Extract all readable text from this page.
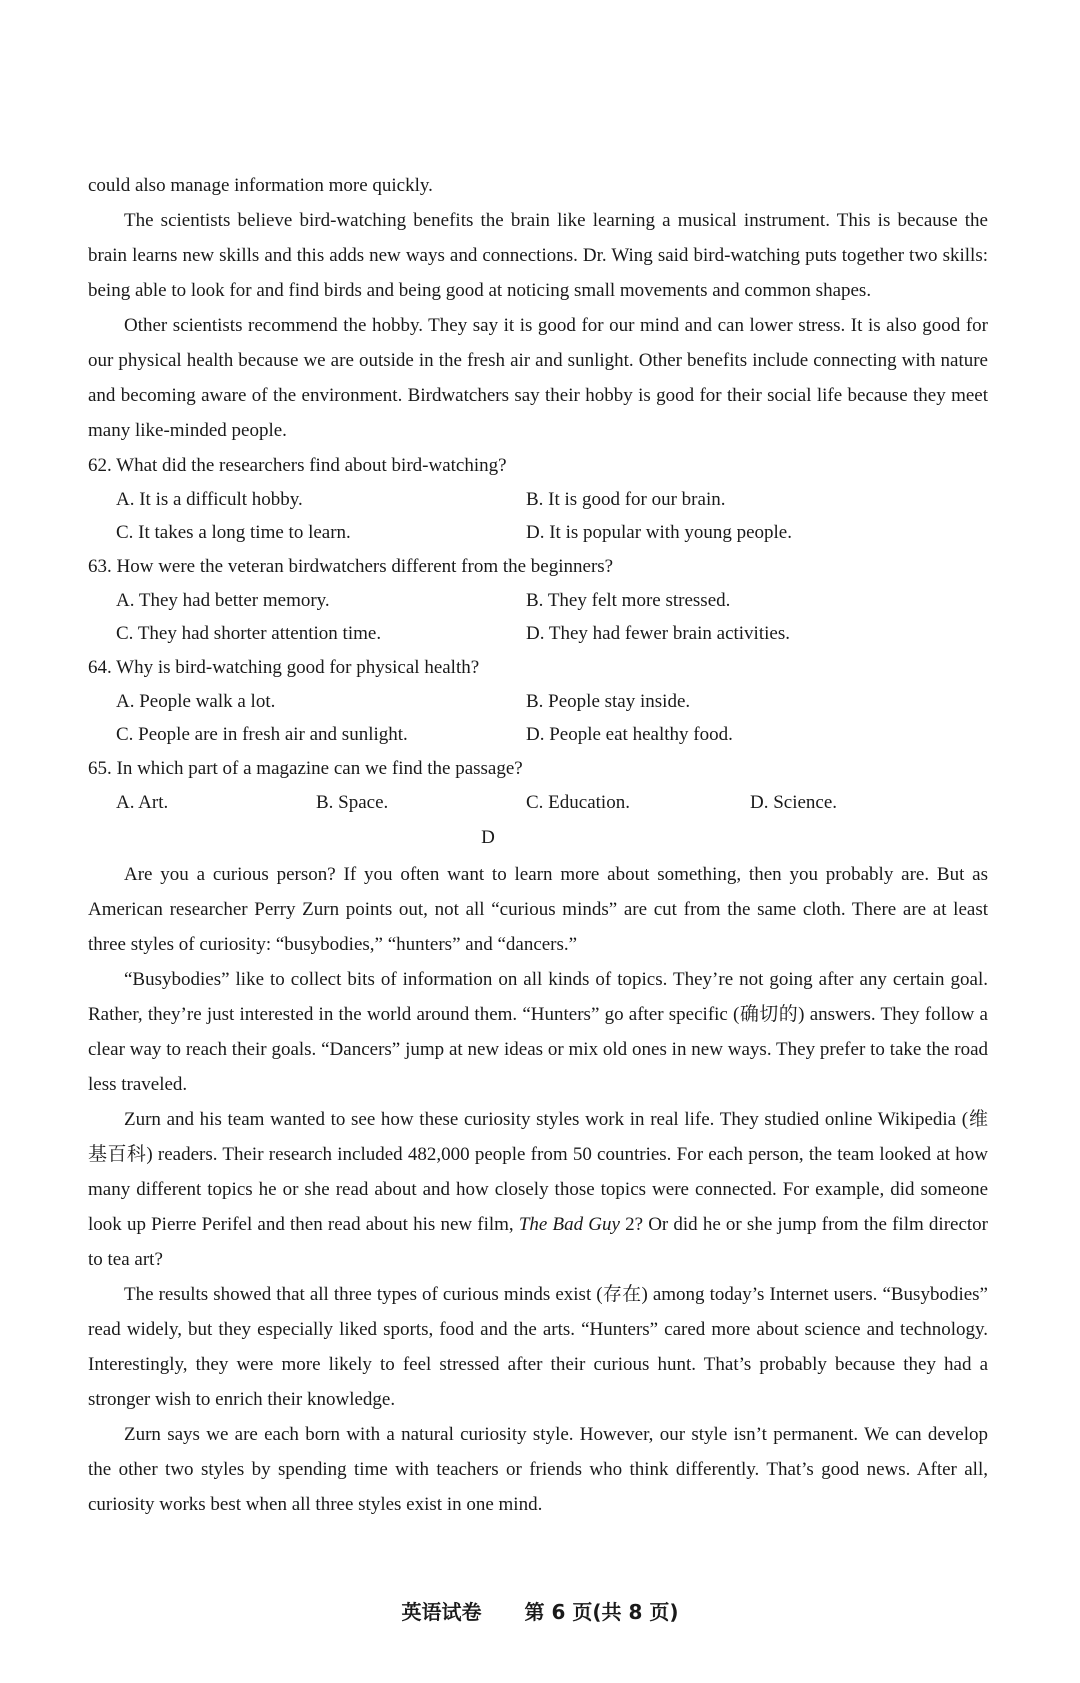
could also manage information more quickly.

The scientists believe bird-watching benefits the brain like learning a musical instrument. This is because the brain learns new skills and this adds new ways and connections. Dr. Wing said bird-watching puts together two skills: being able to look for and find birds and being good at noticing small movements and common shapes.

Other scientists recommend the hobby. They say it is good for our mind and can lower stress. It is also good for our physical health because we are outside in the fresh air and sunlight. Other benefits include connecting with nature and becoming aware of the environment. Birdwatchers say their hobby is good for their social life because they meet many like-minded people.

62. What did the researchers find about bird-watching?

A. It is a difficult hobby.	B. It is good for our brain.
C. It takes a long time to learn.	D. It is popular with young people.

63. How were the veteran birdwatchers different from the beginners?

A. They had better memory.	B. They felt more stressed.
C. They had shorter attention time.	D. They had fewer brain activities.

64. Why is bird-watching good for physical health?

A. People walk a lot.	B. People stay inside.
C. People are in fresh air and sunlight.	D. People eat healthy food.

65. In which part of a magazine can we find the passage?

A. Art.	B. Space.	C. Education.	D. Science.
D

Are you a curious person? If you often want to learn more about something, then you probably are. But as American researcher Perry Zurn points out, not all “curious minds” are cut from the same cloth. There are at least three styles of curiosity: “busybodies,” “hunters” and “dancers.”

“Busybodies” like to collect bits of information on all kinds of topics. They’re not going after any certain goal. Rather, they’re just interested in the world around them. “Hunters” go after specific (确切的) answers. They follow a clear way to reach their goals. “Dancers” jump at new ideas or mix old ones in new ways. They prefer to take the road less traveled.

Zurn and his team wanted to see how these curiosity styles work in real life. They studied online Wikipedia (维基百科) readers. Their research included 482,000 people from 50 countries. For each person, the team looked at how many different topics he or she read about and how closely those topics were connected. For example, did someone look up Pierre Perifel and then read about his new film, The Bad Guy 2? Or did he or she jump from the film director to tea art?

The results showed that all three types of curious minds exist (存在) among today’s Internet users. “Busybodies” read widely, but they especially liked sports, food and the arts. “Hunters” cared more about science and technology. Interestingly, they were more likely to feel stressed after their curious hunt. That’s probably because they had a stronger wish to enrich their knowledge.

Zurn says we are each born with a natural curiosity style. However, our style isn’t permanent. We can develop the other two styles by spending time with teachers or friends who think differently. That’s good news. After all, curiosity works best when all three styles exist in one mind.

英语试卷 第 6 页(共 8 页)
